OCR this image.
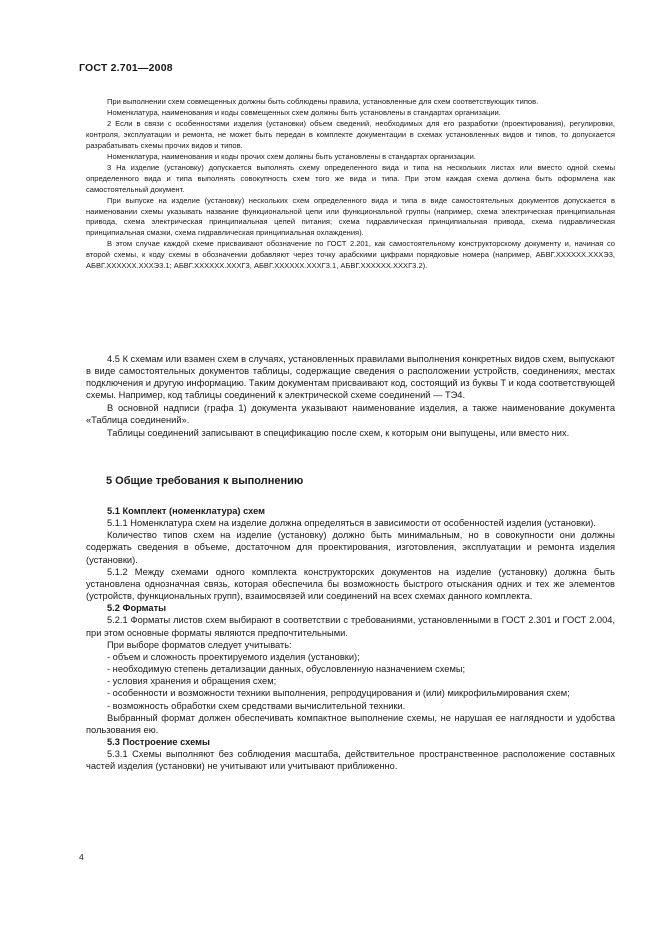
ГОСТ 2.701—2008

При выполнении схем совмещенных должны быть соблюдены правила, установленные для схем соответствующих типов.

Номенклатура, наименования и коды совмещенных схем должны быть установлены в стандартах организации.

2 Если в связи с особенностями изделия (установки) объем сведений, необходимых для его разработки (проектирования), регулировки, контроля, эксплуатации и ремонта, не может быть передан в комплекте документации в схемах установленных видов и типов, то допускается разрабатывать схемы прочих видов и типов.

Номенклатура, наименования и коды прочих схем должны быть установлены в стандартах организации.

3 На изделие (установку) допускается выполнять схему определенного вида и типа на нескольких листах или вместо одной схемы определенного вида и типа выполнять совокупность схем того же вида и типа. При этом каждая схема должна быть оформлена как самостоятельный документ.

При выпуске на изделие (установку) нескольких схем определенного вида и типа в виде самостоятельных документов допускается в наименовании схемы указывать название функциональной цепи или функциональной группы (например, схема электрическая принципиальная привода, схема электрическая принципиальная цепей питания; схема гидравлическая принципиальная привода, схема гидравлическая принципиальная смазки, схема гидравлическая принципиальная охлаждения).

В этом случае каждой схеме присваивают обозначение по ГОСТ 2.201, как самостоятельному конструкторскому документу и, начиная со второй схемы, к коду схемы в обозначении добавляют через точку арабскими цифрами порядковые номера (например, АБВГ.XXXXXX.XXXЭ3, АБВГ.XXXXXX.XXXЭ3.1; АБВГ.XXXXXX.XXXГ3, АБВГ.XXXXXX.XXXГ3.1, АБВГ.XXXXXX.XXXГ3.2).

4.5 К схемам или взамен схем в случаях, установленных правилами выполнения конкретных видов схем, выпускают в виде самостоятельных документов таблицы, содержащие сведения о расположении устройств, соединениях, местах подключения и другую информацию. Таким документам присваивают код, состоящий из буквы Т и кода соответствующей схемы. Например, код таблицы соединений к электрической схеме соединений — ТЭ4.

В основной надписи (графа 1) документа указывают наименование изделия, а также наименование документа «Таблица соединений».

Таблицы соединений записывают в спецификацию после схем, к которым они выпущены, или вместо них.

5 Общие требования к выполнению

5.1 Комплект (номенклатура) схем

5.1.1 Номенклатура схем на изделие должна определяться в зависимости от особенностей изделия (установки).

Количество типов схем на изделие (установку) должно быть минимальным, но в совокупности они должны содержать сведения в объеме, достаточном для проектирования, изготовления, эксплуатации и ремонта изделия (установки).

5.1.2 Между схемами одного комплекта конструкторских документов на изделие (установку) должна быть установлена однозначная связь, которая обеспечила бы возможность быстрого отыскания одних и тех же элементов (устройств, функциональных групп), взаимосвязей или соединений на всех схемах данного комплекта.

5.2 Форматы

5.2.1 Форматы листов схем выбирают в соответствии с требованиями, установленными в ГОСТ 2.301 и ГОСТ 2.004, при этом основные форматы являются предпочтительными.

При выборе форматов следует учитывать:

- объем и сложность проектируемого изделия (установки);

- необходимую степень детализации данных, обусловленную назначением схемы;

- условия хранения и обращения схем;

- особенности и возможности техники выполнения, репродуцирования и (или) микрофильмирования схем;

- возможность обработки схем средствами вычислительной техники.

Выбранный формат должен обеспечивать компактное выполнение схемы, не нарушая ее наглядности и удобства пользования ею.

5.3 Построение схемы

5.3.1 Схемы выполняют без соблюдения масштаба, действительное пространственное расположение составных частей изделия (установки) не учитывают или учитывают приближенно.

4
